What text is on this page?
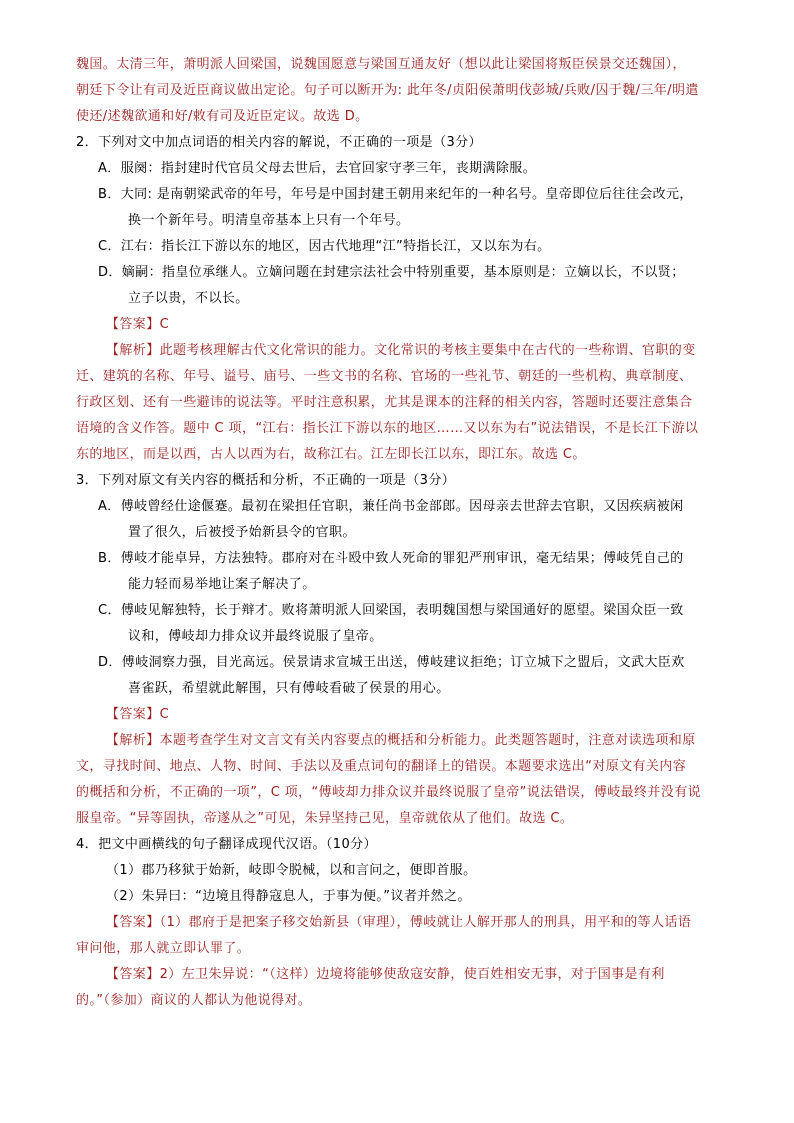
魏国。太清三年，萧明派人回梁国，说魏国愿意与梁国互通友好（想以此让梁国将叛臣侯景交还魏国），
朝廷下令让有司及近臣商议做出定论。句子可以断开为: 此年冬/贞阳侯萧明伐彭城/兵败/囚于魏/三年/明遣
使还/述魏欲通和好/敕有司及近臣定议。故选 D。
2．下列对文中加点词语的相关内容的解说，不正确的一项是（3分）
A．服阕：指封建时代官员父母去世后，去官回家守孝三年，丧期满除服。
B．大同: 是南朝梁武帝的年号，年号是中国封建王朝用来纪年的一种名号。皇帝即位后往往会改元，
换一个新年号。明清皇帝基本上只有一个年号。
C．江右：指长江下游以东的地区，因古代地理“江”特指长江，又以东为右。
D．嫡嗣：指皇位承继人。立嫡问题在封建宗法社会中特别重要，基本原则是：立嫡以长，不以贤；
立子以贵，不以长。
【答案】C
【解析】此题考核理解古代文化常识的能力。文化常识的考核主要集中在古代的一些称谓、官职的变
迁、建筑的名称、年号、谥号、庙号、一些文书的名称、官场的一些礼节、朝廷的一些机构、典章制度、
行政区划、还有一些避讳的说法等。平时注意积累，尤其是课本的注释的相关内容，答题时还要注意集合
语境的含义作答。题中 C 项，“江右：指长江下游以东的地区……又以东为右”说法错误，不是长江下游以
东的地区，而是以西，古人以西为右，故称江右。江左即长江以东，即江东。故选 C。
3．下列对原文有关内容的概括和分析，不正确的一项是（3分）
A．傅岐曾经仕途偃蹇。最初在梁担任官职，兼任尚书金部郎。因母亲去世辞去官职，又因疾病被闲
置了很久，后被授予始新县令的官职。
B．傅岐才能卓异，方法独特。郡府对在斗殴中致人死命的罪犯严刑审讯，毫无结果；傅岐凭自己的
能力轻而易举地让案子解决了。
C．傅岐见解独特，长于辩才。败将萧明派人回梁国，表明魏国想与梁国通好的愿望。梁国众臣一致
议和，傅岐却力排众议并最终说服了皇帝。
D．傅岐洞察力强，目光高远。侯景请求宣城王出送，傅岐建议拒绝；订立城下之盟后，文武大臣欢
喜雀跃，希望就此解围，只有傅岐看破了侯景的用心。
【答案】C
【解析】本题考查学生对文言文有关内容要点的概括和分析能力。此类题答题时，注意对读选项和原
文，寻找时间、地点、人物、时间、手法以及重点词句的翻译上的错误。本题要求选出“对原文有关内容
的概括和分析，不正确的一项”，C 项，“傅岐却力排众议并最终说服了皇帝”说法错误，傅岐最终并没有说
服皇帝。“异等固执，帝遂从之”可见，朱异坚持己见，皇帝就依从了他们。故选 C。
4．把文中画横线的句子翻译成现代汉语。（10分）
（1）郡乃移狱于始新，岐即令脱械，以和言问之，便即首服。
（2）朱异曰：“边境且得静寇息人，于事为便。”议者并然之。
【答案】（1）郡府于是把案子移交始新县（审理），傅岐就让人解开那人的刑具，用平和的等人话语
审问他，那人就立即认罪了。
【答案】2）左卫朱异说：“（这样）边境将能够使敌寇安静，使百姓相安无事，对于国事是有利
的。”（参加）商议的人都认为他说得对。
